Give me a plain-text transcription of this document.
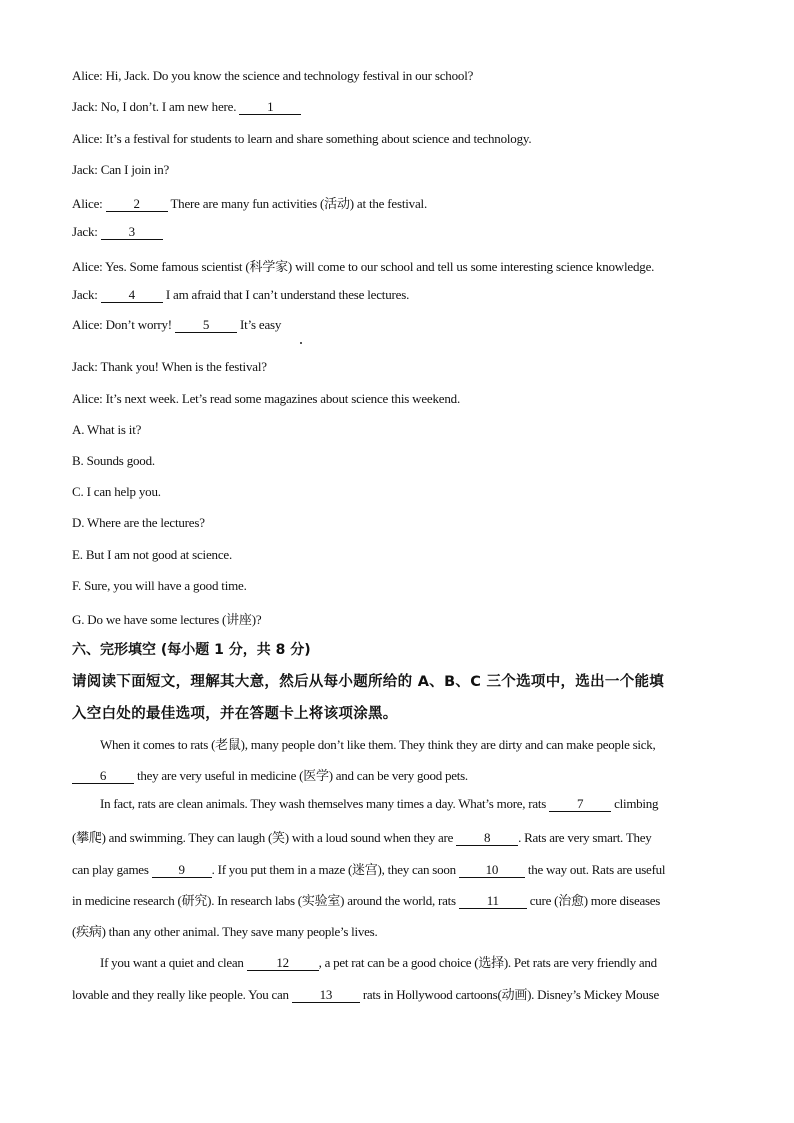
Alice: Hi, Jack. Do you know the science and technology festival in our school?
Jack: No, I don’t. I am new here. 1
Alice: It’s a festival for students to learn and share something about science and technology.
Jack: Can I join in?
Alice: 2 There are many fun activities (活动) at the festival.
Jack: 3
Alice: Yes. Some famous scientist (科学家) will come to our school and tell us some interesting science knowledge.
Jack: 4 I am afraid that I can’t understand these lectures.
Alice: Don’t worry! 5 It’s easy
Jack: Thank you! When is the festival?
Alice: It’s next week. Let’s read some magazines about science this weekend.
A. What is it?
B. Sounds good.
C. I can help you.
D. Where are the lectures?
E. But I am not good at science.
F. Sure, you will have a good time.
G. Do we have some lectures (讲座)?
六、完形填空 (每小题 1 分，共 8 分)
请阅读下面短文，理解其大意，然后从每小题所给的 A、B、C 三个选项中，选出一个能填
入空白处的最佳选项，并在答题卡上将该项涂黑。
When it comes to rats (老鼠), many people don’t like them. They think they are dirty and can make people sick,
6 they are very useful in medicine (医学) and can be very good pets.
In fact, rats are clean animals. They wash themselves many times a day. What’s more, rats 7 climbing
(攀爬) and swimming. They can laugh (笑) with a loud sound when they are 8 . Rats are very smart. They
can play games 9 . If you put them in a maze (迷宫), they can soon 10 the way out. Rats are useful
in medicine research (研究). In research labs (实验室) around the world, rats 11 cure (治愈) more diseases
(疾病) than any other animal. They save many people’s lives.
If you want a quiet and clean 12 , a pet rat can be a good choice (选择). Pet rats are very friendly and
lovable and they really like people. You can 13 rats in Hollywood cartoons(动画). Disney’s Mickey Mouse
